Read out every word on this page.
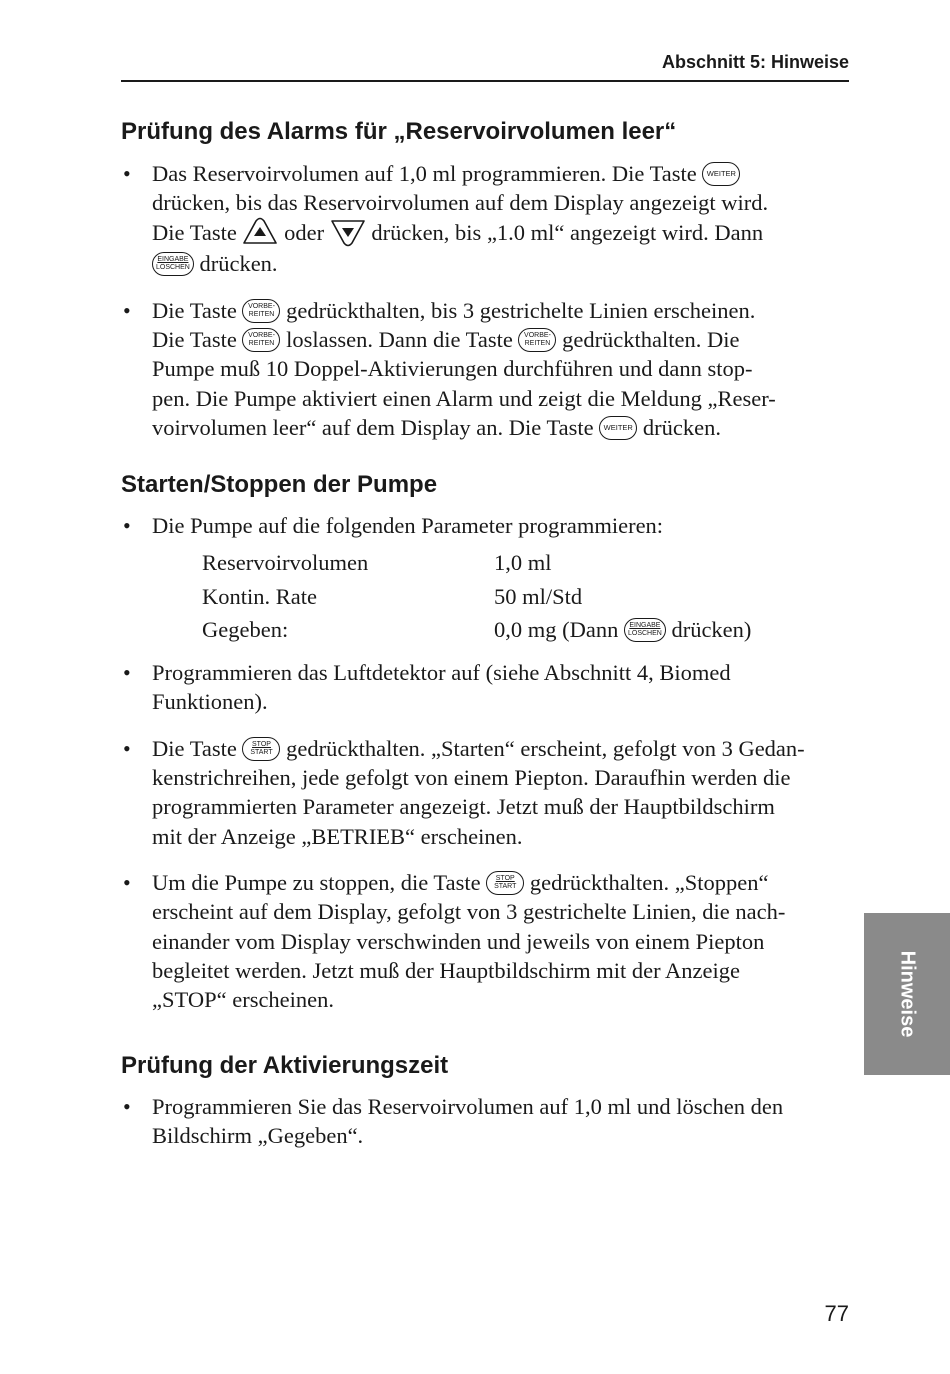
Abschnitt 5: Hinweise
Prüfung des Alarms für „Reservoirvolumen leer“
• Das Reservoirvolumen auf 1,0 ml programmieren. Die Taste WEITER

drücken, bis das Reservoirvolumen auf dem Display angezeigt wird.

Die Taste oder drücken, bis „1.0 ml“ angezeigt wird. Dann

EINGABE
LÖSCHEN drücken.

• Die Taste VORBE-
REITEN gedrückthalten, bis 3 gestrichelte Linien erscheinen.

Die Taste VORBE-
REITEN loslassen. Dann die Taste VORBE-
REITEN gedrückthalten. Die

Pumpe muß 10 Doppel-Aktivierungen durchführen und dann stop-

pen. Die Pumpe aktiviert einen Alarm und zeigt die Meldung „Reser-

voirvolumen leer“ auf dem Display an. Die Taste WEITER drücken.

Starten/Stoppen der Pumpe
• Die Pumpe auf die folgenden Parameter programmieren:

Reservoirvolumen	1,0 ml

Kontin. Rate	50 ml/Std

Gegeben:	0,0 mg (Dann EINGABE
LÖSCHEN drücken)

• Programmieren das Luftdetektor auf (siehe Abschnitt 4, Biomed

Funktionen).

• Die Taste	STOP
START gedrückthalten. „Starten“ erscheint, gefolgt von 3 Gedan-

kenstrichreihen, jede gefolgt von einem Piepton. Daraufhin werden die

programmierten Parameter angezeigt. Jetzt muß der Hauptbildschirm

mit der Anzeige „BETRIEB“ erscheinen.

• Um die Pumpe zu stoppen, die Taste	STOP
START gedrückthalten. „Stoppen“

erscheint auf dem Display, gefolgt von 3 gestrichelte Linien, die nach-

einander vom Display verschwinden und jeweils von einem Piepton

begleitet werden. Jetzt muß der Hauptbildschirm mit der Anzeige

„STOP“ erscheinen.

Prüfung der Aktivierungszeit
• Programmieren Sie das Reservoirvolumen auf 1,0 ml und löschen den

Bildschirm „Gegeben“.

Hinweise
77
